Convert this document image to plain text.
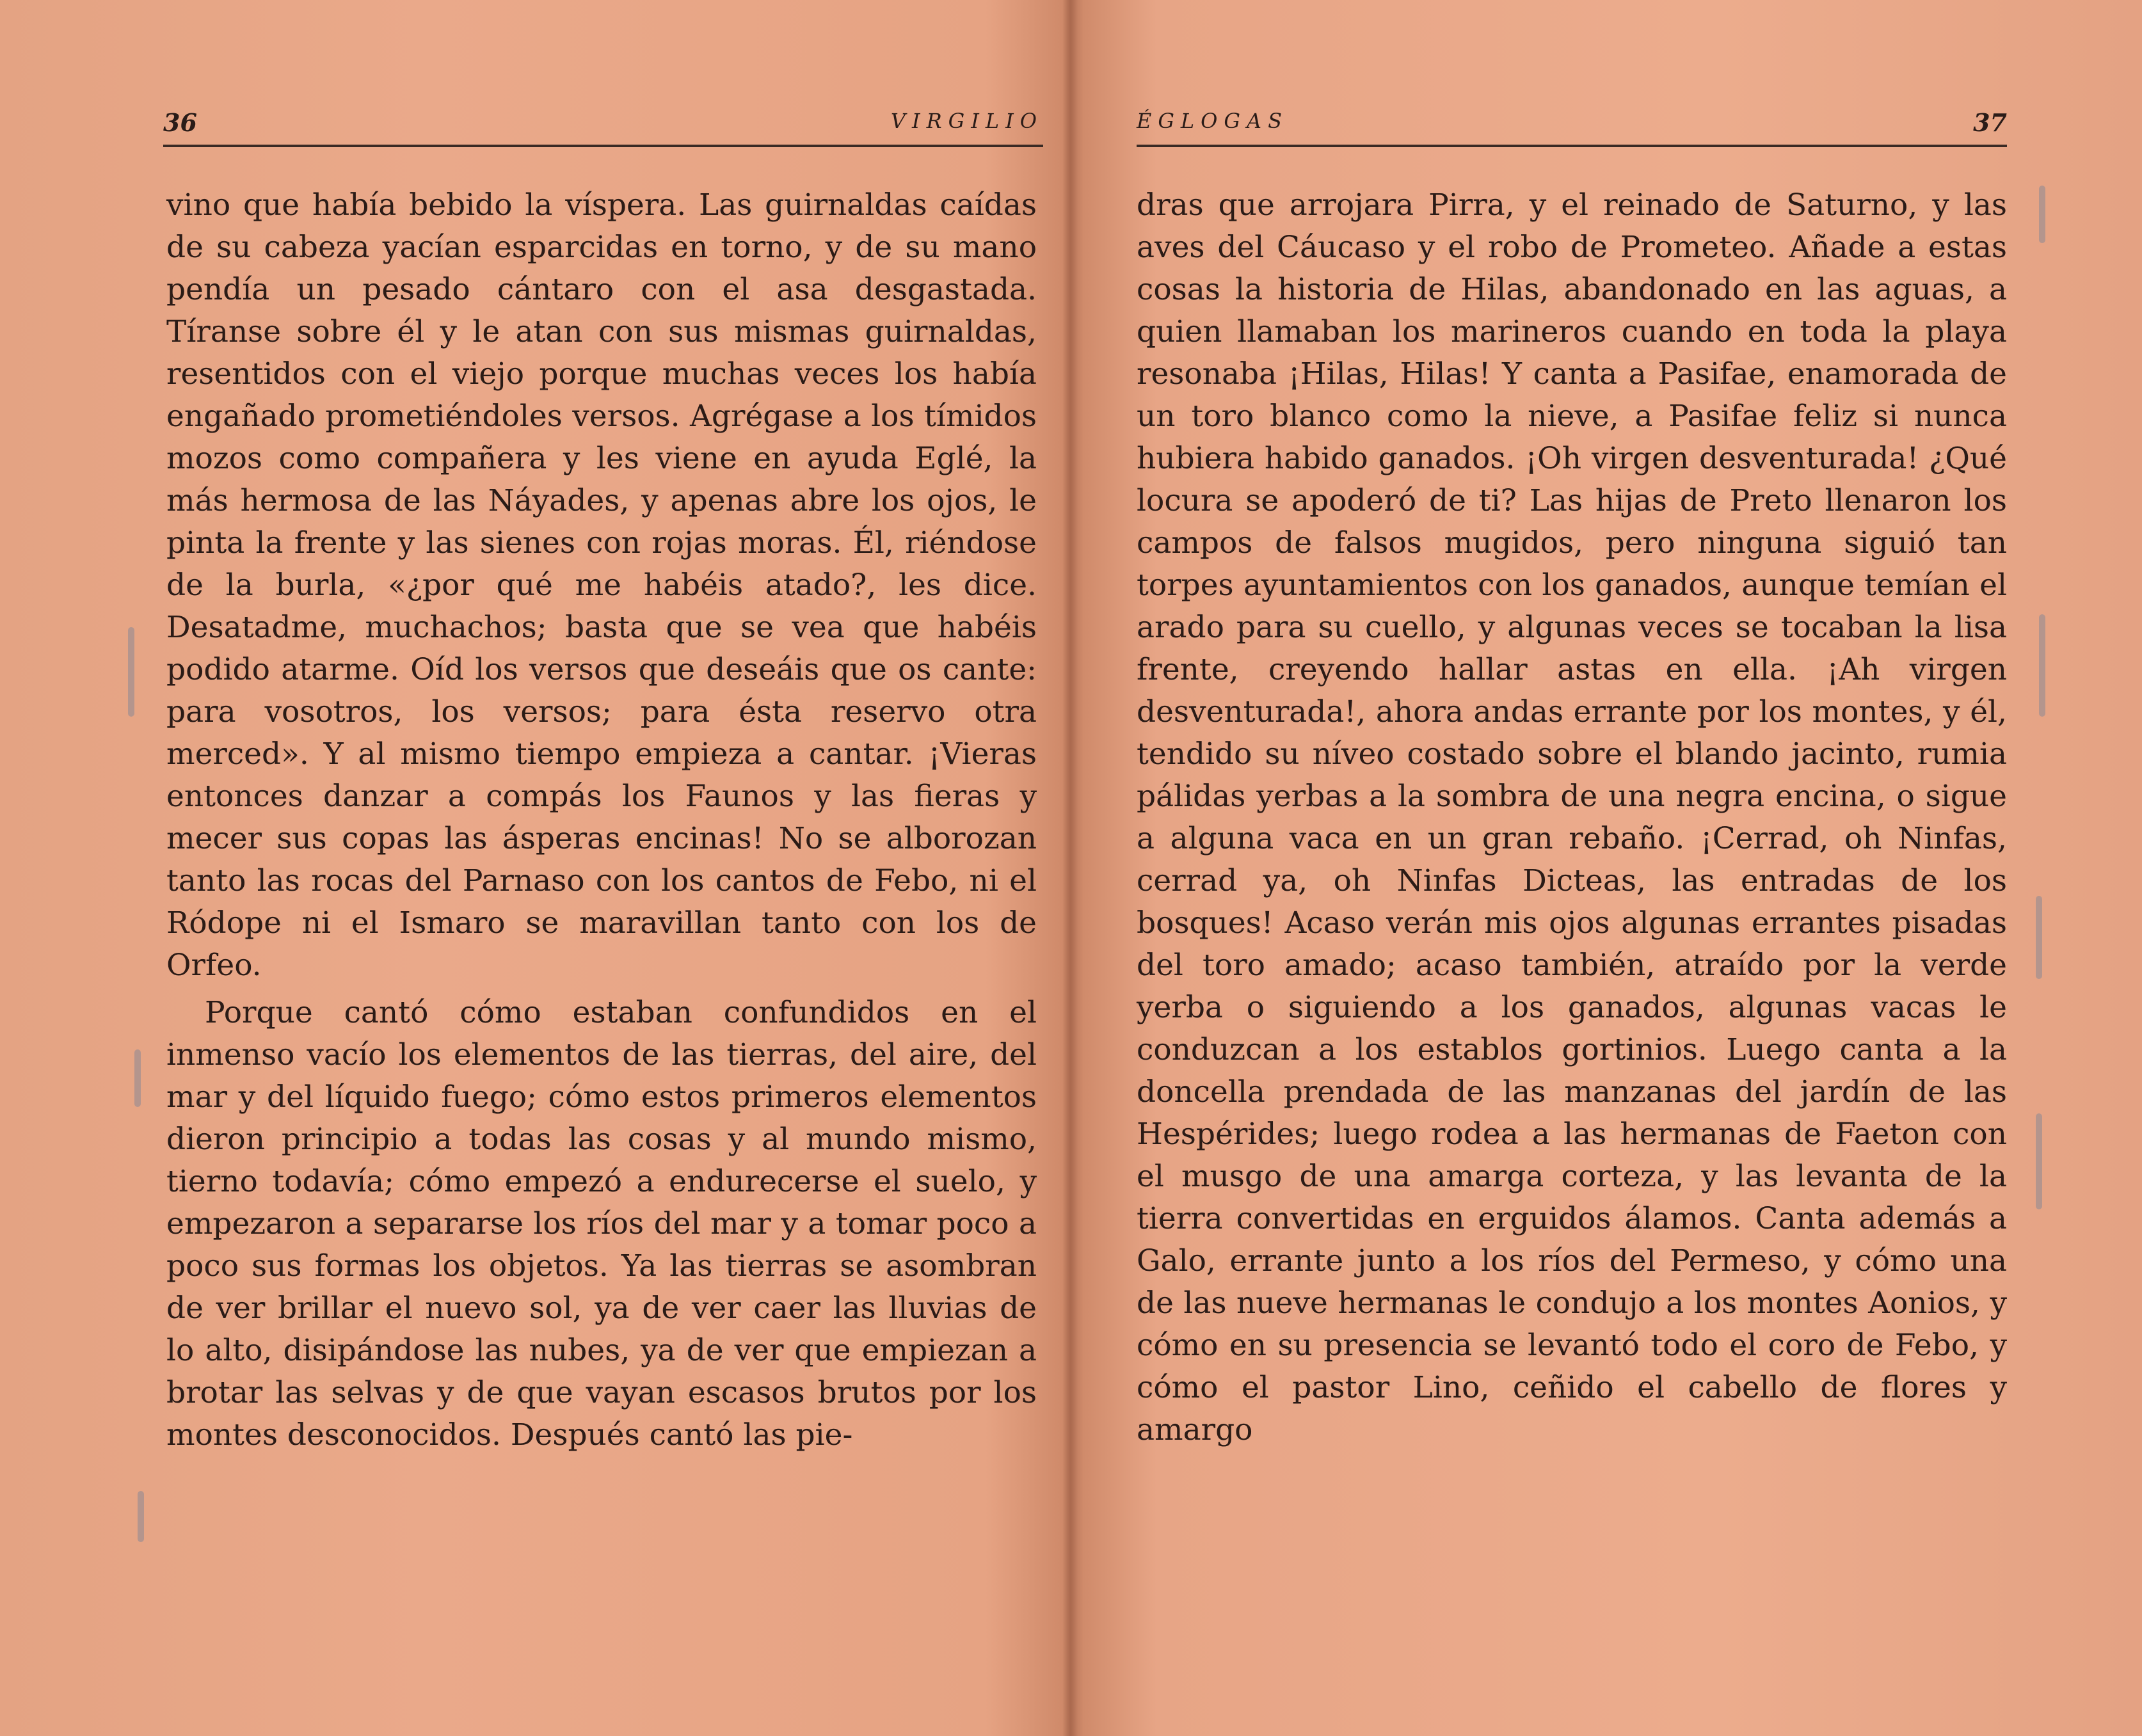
36	VIRGILIO

vino que había bebido la víspera. Las guirnaldas caídas de su cabeza yacían esparcidas en torno, y de su mano pendía un pesado cántaro con el asa desgastada. Tíranse sobre él y le atan con sus mismas guirnaldas, resentidos con el viejo porque muchas veces los había engañado prometiéndoles versos. Agrégase a los tímidos mozos como compañera y les viene en ayuda Eglé, la más hermosa de las Náyades, y apenas abre los ojos, le pinta la frente y las sienes con rojas moras. Él, riéndose de la burla, «¿por qué me habéis atado?, les dice. Desatadme, muchachos; basta que se vea que habéis podido atarme. Oíd los versos que deseáis que os cante: para vosotros, los versos; para ésta reservo otra merced». Y al mismo tiempo empieza a cantar. ¡Vieras entonces danzar a compás los Faunos y las fieras y mecer sus copas las ásperas encinas! No se alborozan tanto las rocas del Parnaso con los cantos de Febo, ni el Ródope ni el Ismaro se maravillan tanto con los de Orfeo.

Porque cantó cómo estaban confundidos en el inmenso vacío los elementos de las tierras, del aire, del mar y del líquido fuego; cómo estos primeros elementos dieron principio a todas las cosas y al mundo mismo, tierno todavía; cómo empezó a endurecerse el suelo, y empezaron a separarse los ríos del mar y a tomar poco a poco sus formas los objetos. Ya las tierras se asombran de ver brillar el nuevo sol, ya de ver caer las lluvias de lo alto, disipándose las nubes, ya de ver que empiezan a brotar las selvas y de que vayan escasos brutos por los montes desconocidos. Después cantó las pie-

ÉGLOGAS	37

dras que arrojara Pirra, y el reinado de Saturno, y las aves del Cáucaso y el robo de Prometeo. Añade a estas cosas la historia de Hilas, abandonado en las aguas, a quien llamaban los marineros cuando en toda la playa resonaba ¡Hilas, Hilas! Y canta a Pasifae, enamorada de un toro blanco como la nieve, a Pasifae feliz si nunca hubiera habido ganados. ¡Oh virgen desventurada! ¿Qué locura se apoderó de ti? Las hijas de Preto llenaron los campos de falsos mugidos, pero ninguna siguió tan torpes ayuntamientos con los ganados, aunque temían el arado para su cuello, y algunas veces se tocaban la lisa frente, creyendo hallar astas en ella. ¡Ah virgen desventurada!, ahora andas errante por los montes, y él, tendido su níveo costado sobre el blando jacinto, rumia pálidas yerbas a la sombra de una negra encina, o sigue a alguna vaca en un gran rebaño. ¡Cerrad, oh Ninfas, cerrad ya, oh Ninfas Dicteas, las entradas de los bosques! Acaso verán mis ojos algunas errantes pisadas del toro amado; acaso también, atraído por la verde yerba o siguiendo a los ganados, algunas vacas le conduzcan a los establos gortinios. Luego canta a la doncella prendada de las manzanas del jardín de las Hespérides; luego rodea a las hermanas de Faeton con el musgo de una amarga corteza, y las levanta de la tierra convertidas en erguidos álamos. Canta además a Galo, errante junto a los ríos del Permeso, y cómo una de las nueve hermanas le condujo a los montes Aonios, y cómo en su presencia se levantó todo el coro de Febo, y cómo el pastor Lino, ceñido el cabello de flores y amargo
